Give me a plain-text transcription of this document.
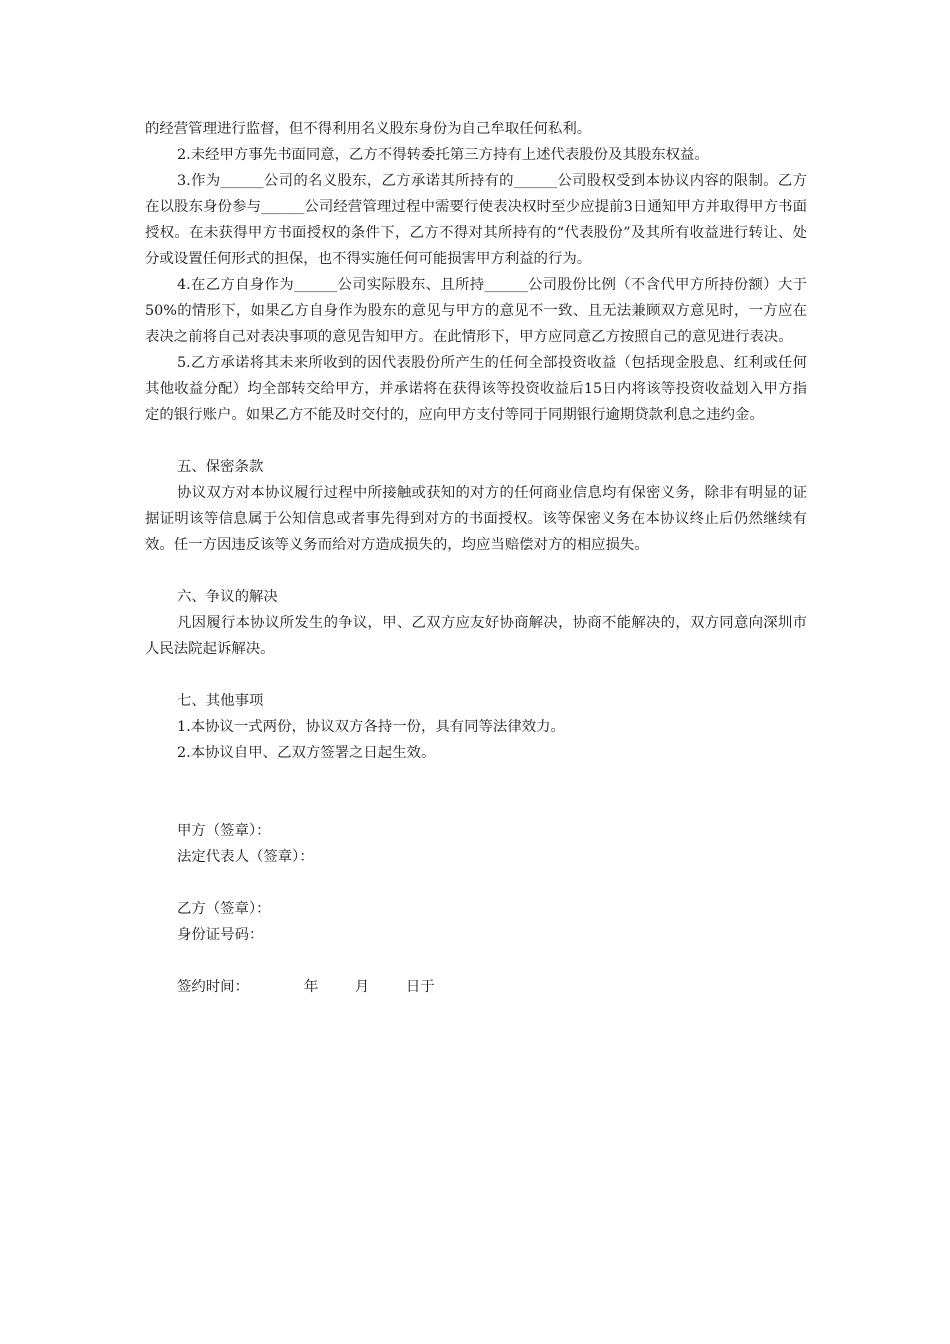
的经营管理进行监督，但不得利用名义股东身份为自己牟取任何私利。

2.未经甲方事先书面同意，乙方不得转委托第三方持有上述代表股份及其股东权益。

3.作为______公司的名义股东，乙方承诺其所持有的______公司股权受到本协议内容的限制。乙方在以股东身份参与______公司经营管理过程中需要行使表决权时至少应提前3日通知甲方并取得甲方书面授权。在未获得甲方书面授权的条件下，乙方不得对其所持有的“代表股份”及其所有收益进行转让、处分或设置任何形式的担保，也不得实施任何可能损害甲方利益的行为。

4.在乙方自身作为______公司实际股东、且所持______公司股份比例（不含代甲方所持份额）大于50%的情形下，如果乙方自身作为股东的意见与甲方的意见不一致、且无法兼顾双方意见时，一方应在表决之前将自己对表决事项的意见告知甲方。在此情形下，甲方应同意乙方按照自己的意见进行表决。

5.乙方承诺将其未来所收到的因代表股份所产生的任何全部投资收益（包括现金股息、红利或任何其他收益分配）均全部转交给甲方，并承诺将在获得该等投资收益后15日内将该等投资收益划入甲方指定的银行账户。如果乙方不能及时交付的，应向甲方支付等同于同期银行逾期贷款利息之违约金。

五、保密条款

协议双方对本协议履行过程中所接触或获知的对方的任何商业信息均有保密义务，除非有明显的证据证明该等信息属于公知信息或者事先得到对方的书面授权。该等保密义务在本协议终止后仍然继续有效。任一方因违反该等义务而给对方造成损失的，均应当赔偿对方的相应损失。

六、争议的解决

凡因履行本协议所发生的争议，甲、乙双方应友好协商解决，协商不能解决的，双方同意向深圳市人民法院起诉解决。

七、其他事项

1.本协议一式两份，协议双方各持一份，具有同等法律效力。

2.本协议自甲、乙双方签署之日起生效。

甲方（签章）：

法定代表人（签章）：

乙方（签章）：

身份证号码：

签约时间：            年        月        日于
